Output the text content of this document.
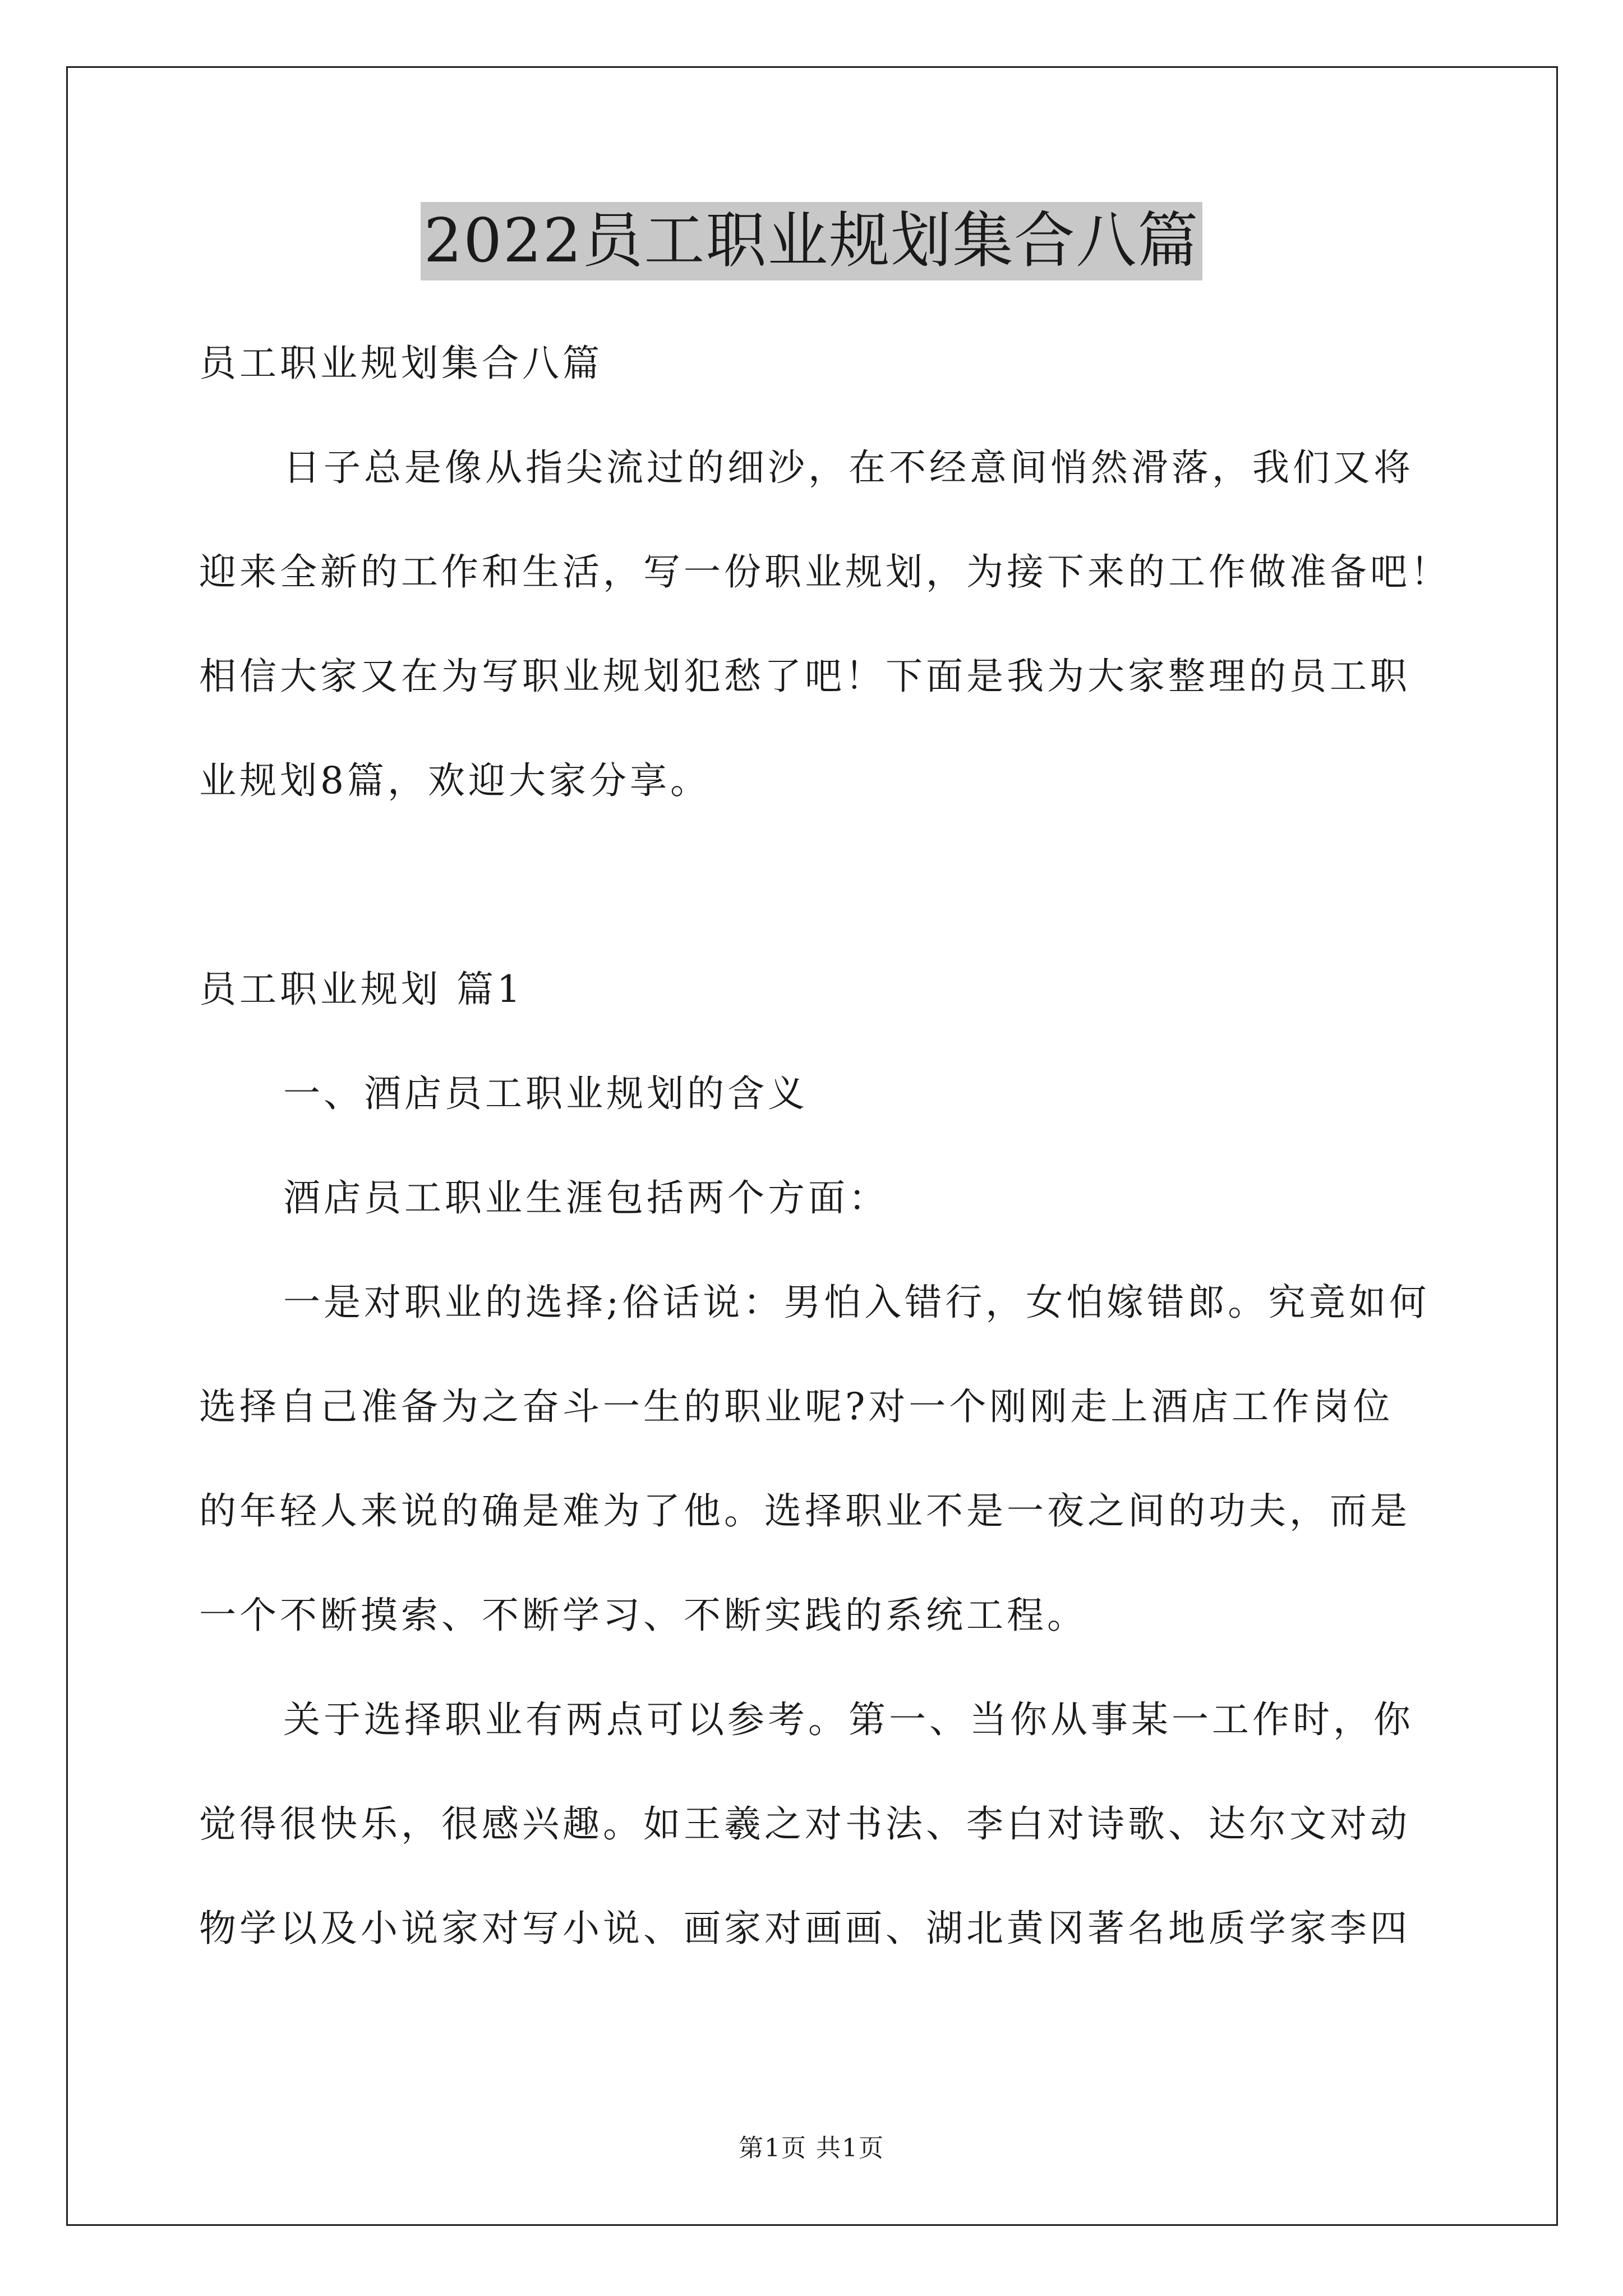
2022员工职业规划集合八篇
员工职业规划集合八篇
日子总是像从指尖流过的细沙，在不经意间悄然滑落，我们又将
迎来全新的工作和生活，写一份职业规划，为接下来的工作做准备吧！
相信大家又在为写职业规划犯愁了吧！下面是我为大家整理的员工职
业规划8篇，欢迎大家分享。
员工职业规划 篇1
一、酒店员工职业规划的含义
酒店员工职业生涯包括两个方面：
一是对职业的选择;俗话说：男怕入错行，女怕嫁错郎。究竟如何
选择自己准备为之奋斗一生的职业呢?对一个刚刚走上酒店工作岗位
的年轻人来说的确是难为了他。选择职业不是一夜之间的功夫，而是
一个不断摸索、不断学习、不断实践的系统工程。
关于选择职业有两点可以参考。第一、当你从事某一工作时，你
觉得很快乐，很感兴趣。如王羲之对书法、李白对诗歌、达尔文对动
物学以及小说家对写小说、画家对画画、湖北黄冈著名地质学家李四
第1页 共1页
